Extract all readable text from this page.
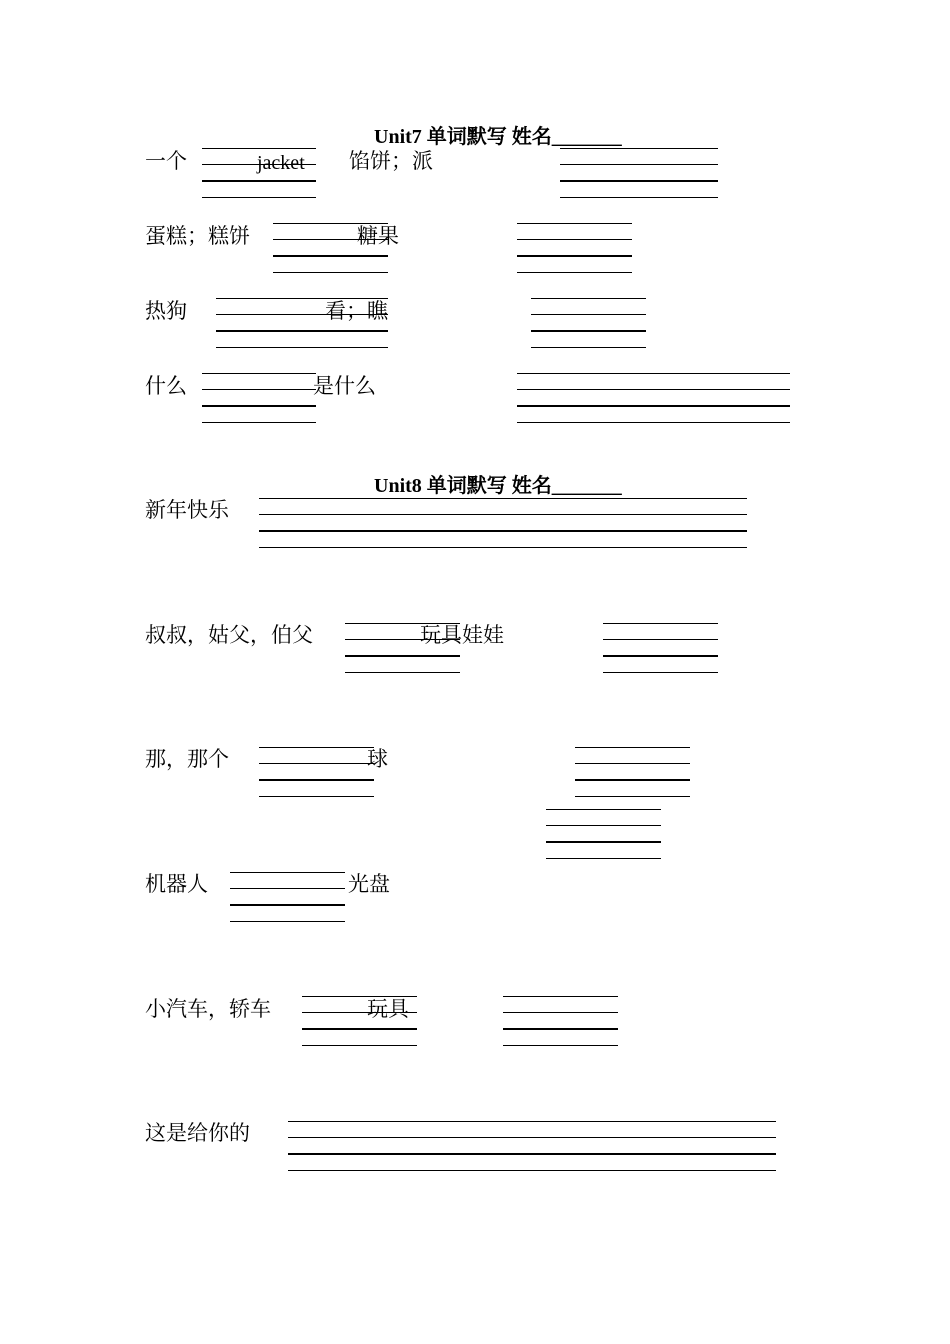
Unit7 单词默写 姓名_______
一个	jacket 馅饼；派
蛋糕；糕饼	糖果
热狗	看；瞧
什么	是什么
Unit8 单词默写 姓名_______
新年快乐
叔叔，姑父，伯父	玩具娃娃
那，那个	球
机器人	光盘
小汽车，轿车	玩具
这是给你的
